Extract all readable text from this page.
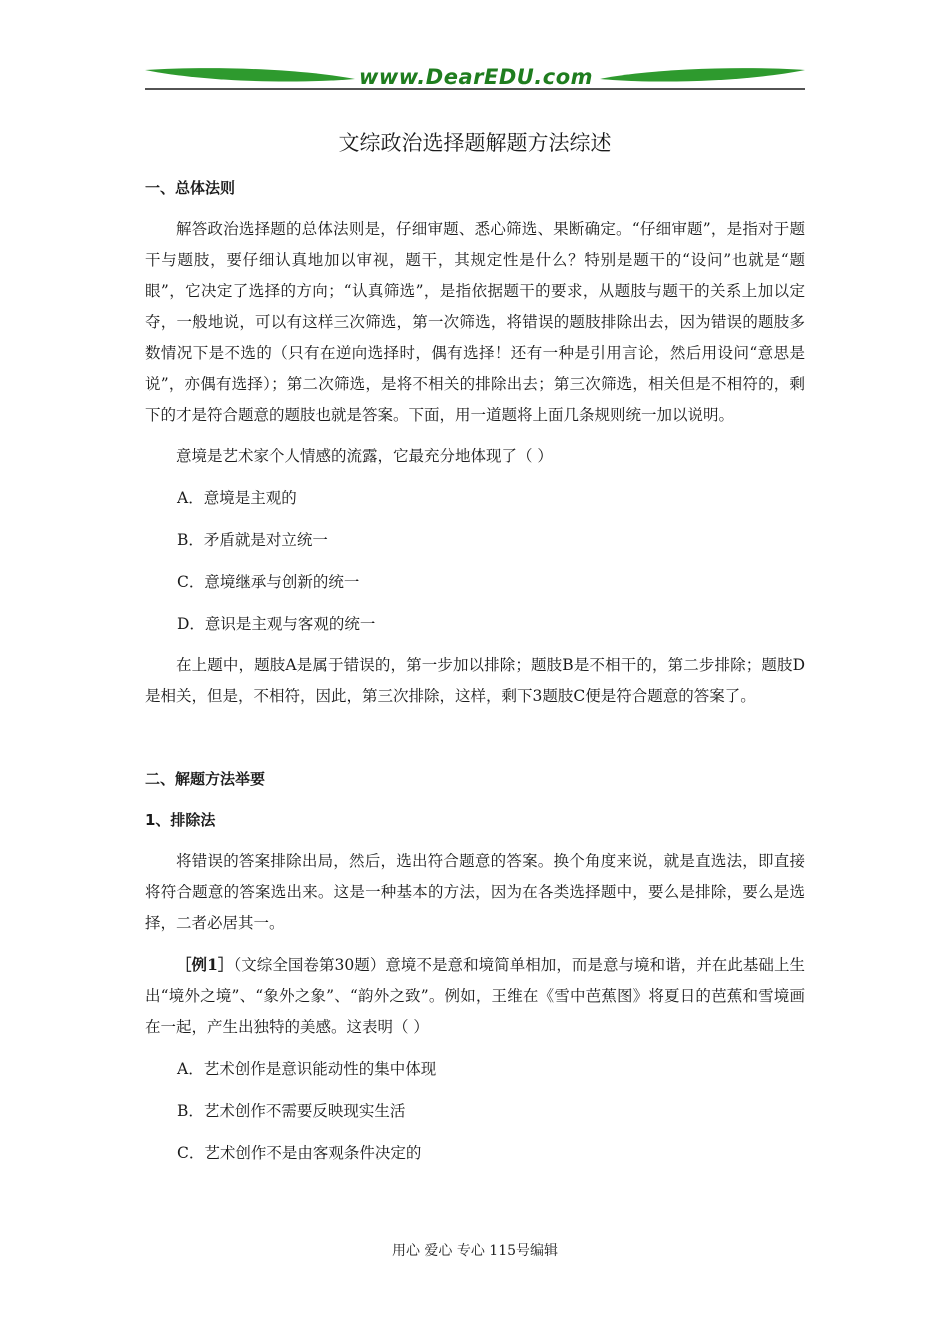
www.DearEDU.com
文综政治选择题解题方法综述

一、总体法则

解答政治选择题的总体法则是，仔细审题、悉心筛选、果断确定。“仔细审题”，是指对于题干与题肢，要仔细认真地加以审视，题干，其规定性是什么？特别是题干的“设问”也就是“题眼”，它决定了选择的方向；“认真筛选”，是指依据题干的要求，从题肢与题干的关系上加以定夺，一般地说，可以有这样三次筛选，第一次筛选，将错误的题肢排除出去，因为错误的题肢多数情况下是不选的（只有在逆向选择时，偶有选择！还有一种是引用言论，然后用设问“意思是说”，亦偶有选择）；第二次筛选，是将不相关的排除出去；第三次筛选，相关但是不相符的，剩下的才是符合题意的题肢也就是答案。下面，用一道题将上面几条规则统一加以说明。

意境是艺术家个人情感的流露，它最充分地体现了（ ）

A．意境是主观的

B．矛盾就是对立统一

C．意境继承与创新的统一

D．意识是主观与客观的统一

在上题中，题肢A是属于错误的，第一步加以排除；题肢B是不相干的，第二步排除；题肢D是相关，但是，不相符，因此，第三次排除，这样，剩下3题肢C便是符合题意的答案了。

二、解题方法举要

1、排除法

将错误的答案排除出局，然后，选出符合题意的答案。换个角度来说，就是直选法，即直接将符合题意的答案选出来。这是一种基本的方法，因为在各类选择题中，要么是排除，要么是选择，二者必居其一。

［例1］（文综全国卷第30题）意境不是意和境简单相加，而是意与境和谐，并在此基础上生出“境外之境”、“象外之象”、“韵外之致”。例如，王维在《雪中芭蕉图》将夏日的芭蕉和雪境画在一起，产生出独特的美感。这表明（ ）

A．艺术创作是意识能动性的集中体现

B．艺术创作不需要反映现实生活

C．艺术创作不是由客观条件决定的

用心 爱心 专心 115号编辑
